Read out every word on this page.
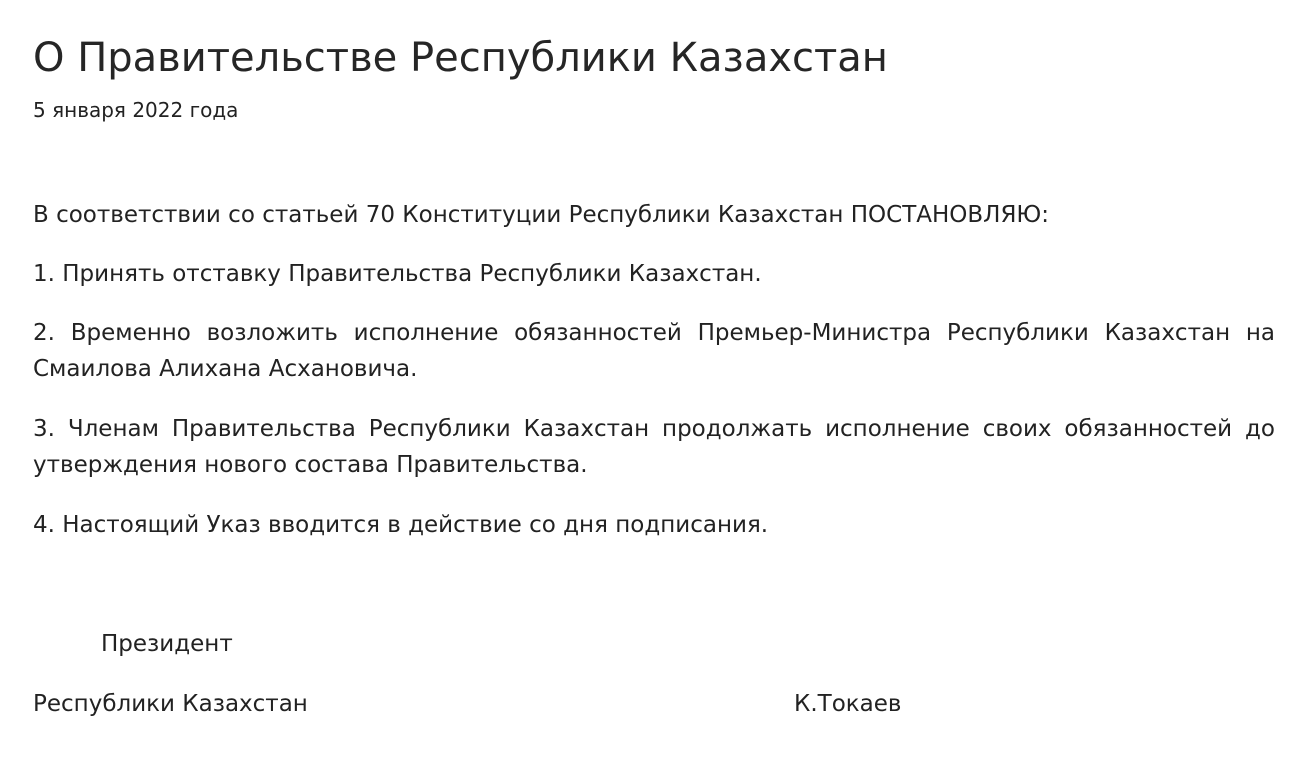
О Правительстве Республики Казахстан
5 января 2022 года

В соответствии со статьей 70 Конституции Республики Казахстан ПОСТАНОВЛЯЮ:

1. Принять отставку Правительства Республики Казахстан.

2. Временно возложить исполнение обязанностей Премьер-Министра Республики Казахстан на Смаилова Алихана Асхановича.

3. Членам Правительства Республики Казахстан продолжать исполнение своих обязанностей до утверждения нового состава Правительства.

4. Настоящий Указ вводится в действие со дня подписания.

Президент
Республики Казахстан	К.Токаев
